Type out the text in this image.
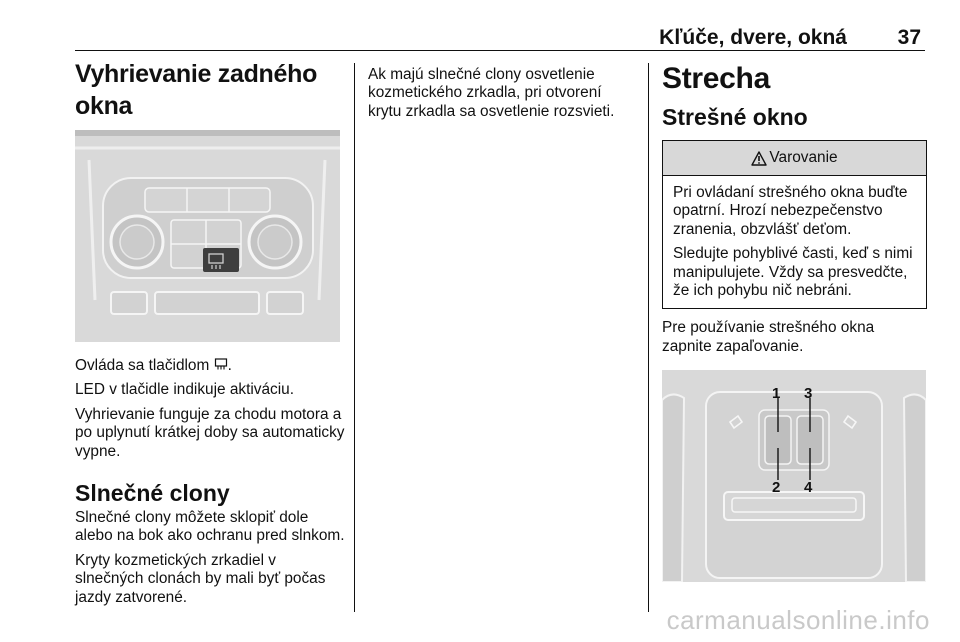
Kľúče, dvere, okná 37
Vyhrievanie zadného okna

Ovláda sa tlačidlom .

LED v tlačidle indikuje aktiváciu.

Vyhrievanie funguje za chodu motora a po uplynutí krátkej doby sa automaticky vypne.

Slnečné clony

Slnečné clony môžete sklopiť dole alebo na bok ako ochranu pred slnkom.

Kryty kozmetických zrkadiel v slnečných clonách by mali byť počas jazdy zatvorené.

Ak majú slnečné clony osvetlenie kozmetického zrkadla, pri otvorení krytu zrkadla sa osvetlenie rozsvieti.

Strecha
Strešné okno
Varovanie

Pri ovládaní strešného okna buďte opatrní. Hrozí nebezpečenstvo zranenia, obzvlášť deťom.

Sledujte pohyblivé časti, keď s nimi manipulujete. Vždy sa presvedčte, že ich pohybu nič nebráni.

Pre používanie strešného okna zapnite zapaľovanie.

1 3
2 4
carmanualsonline.info
